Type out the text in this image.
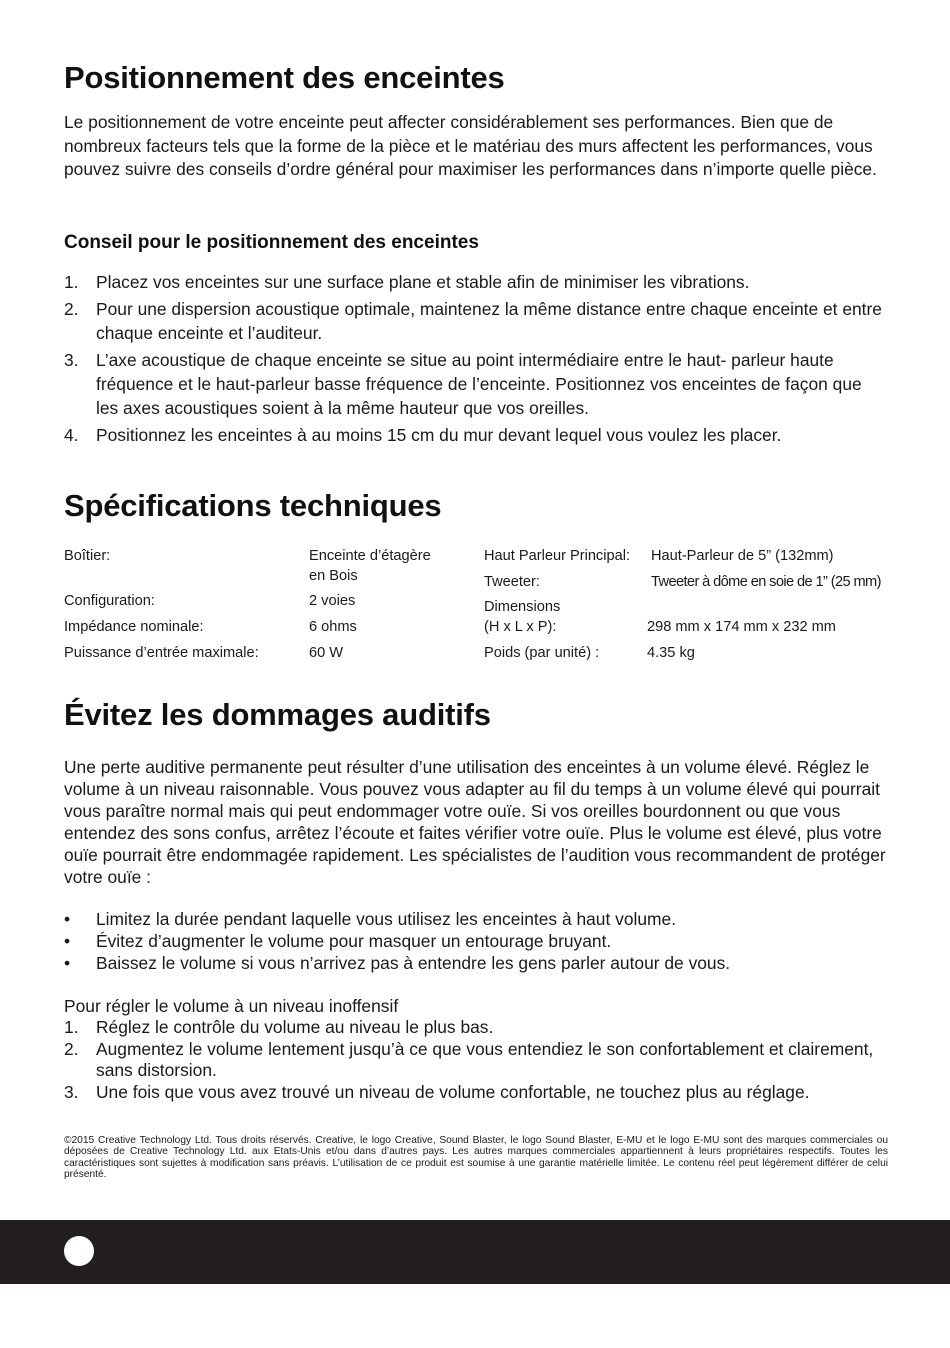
Positionnement des enceintes

Le positionnement de votre enceinte peut affecter considérablement ses performances. Bien que de nombreux facteurs tels que la forme de la pièce et le matériau des murs affectent les performances, vous pouvez suivre des conseils d’ordre général pour maximiser les performances dans n’importe quelle pièce.

Conseil pour le positionnement des enceintes
1. Placez vos enceintes sur une surface plane et stable afin de minimiser les vibrations.
2. Pour une dispersion acoustique optimale, maintenez la même distance entre chaque enceinte et entre chaque enceinte et l’auditeur.
3. L’axe acoustique de chaque enceinte se situe au point intermédiaire entre le haut- parleur haute fréquence et le haut-parleur basse fréquence de l’enceinte. Positionnez vos enceintes de façon que les axes acoustiques soient à la même hauteur que vos oreilles.
4. Positionnez les enceintes à au moins 15 cm du mur devant lequel vous voulez les placer.
Spécifications techniques
Boîtier:	Enceinte d’étagère
en Bois
Configuration:	2 voies
Impédance nominale:	6 ohms
Puissance d’entrée maximale:	60 W
Haut Parleur Principal: Haut-Parleur de 5” (132mm)
Tweeter:	Tweeter à dôme en soie de 1” (25 mm)
Dimensions
(H x L x P):	298 mm x 174 mm x 232 mm
Poids (par unité) :	4.35 kg
Évitez les dommages auditifs

Une perte auditive permanente peut résulter d’une utilisation des enceintes à un volume élevé. Réglez le volume à un niveau raisonnable. Vous pouvez vous adapter au fil du temps à un volume élevé qui pourrait vous paraître normal mais qui peut endommager votre ouïe. Si vos oreilles bourdonnent ou que vous entendez des sons confus, arrêtez l’écoute et faites vérifier votre ouïe. Plus le volume est élevé, plus votre ouïe pourrait être endommagée rapidement. Les spécialistes de l’audition vous recommandent de protéger votre ouïe :

• Limitez la durée pendant laquelle vous utilisez les enceintes à haut volume.
• Évitez d’augmenter le volume pour masquer un entourage bruyant.
• Baissez le volume si vous n’arrivez pas à entendre les gens parler autour de vous.

Pour régler le volume à un niveau inoffensif

1. Réglez le contrôle du volume au niveau le plus bas.
2. Augmentez le volume lentement jusqu’à ce que vous entendiez le son confortablement et clairement, sans distorsion.
3. Une fois que vous avez trouvé un niveau de volume confortable, ne touchez plus au réglage.

©2015 Creative Technology Ltd. Tous droits réservés. Creative, le logo Creative, Sound Blaster, le logo Sound Blaster, E-MU et le logo E-MU sont des marques commerciales ou déposées de Creative Technology Ltd. aux Etats-Unis et/ou dans d’autres pays. Les autres marques commerciales appartiennent à leurs propriétaires respectifs. Toutes les caractéristiques sont sujettes à modification sans préavis. L’utilisation de ce produit est soumise à une garantie matérielle limitée. Le contenu réel peut légèrement différer de celui présenté.
